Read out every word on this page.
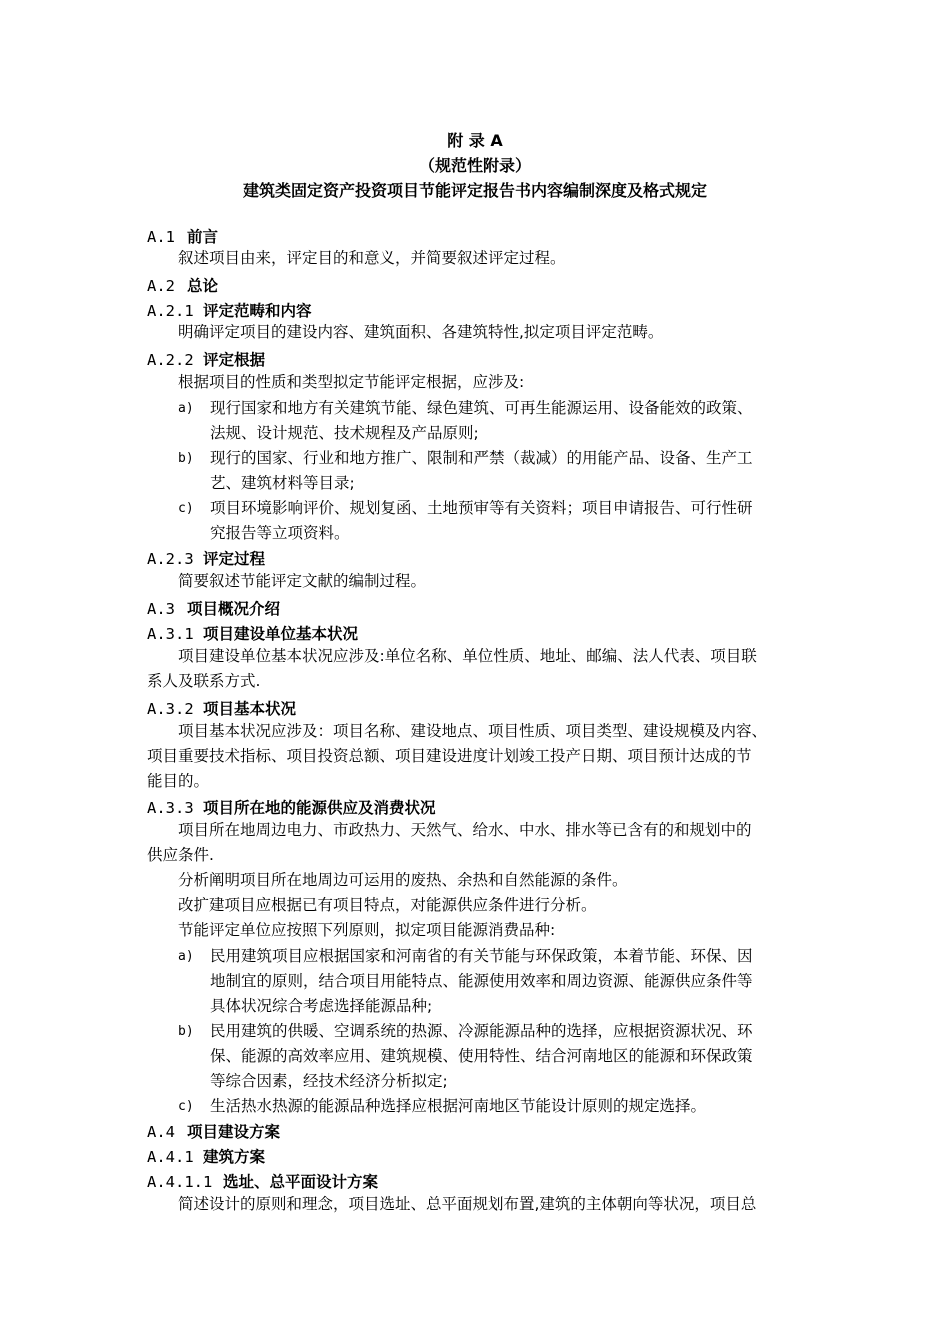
附 录 A
（规范性附录）
建筑类固定资产投资项目节能评定报告书内容编制深度及格式规定
A.1 前言
叙述项目由来，评定目的和意义，并简要叙述评定过程。
A.2 总论
A.2.1 评定范畴和内容
明确评定项目的建设内容、建筑面积、各建筑特性,拟定项目评定范畴。
A.2.2 评定根据
根据项目的性质和类型拟定节能评定根据，应涉及:
a) 现行国家和地方有关建筑节能、绿色建筑、可再生能源运用、设备能效的政策、
法规、设计规范、技术规程及产品原则;
b) 现行的国家、行业和地方推广、限制和严禁（裁减）的用能产品、设备、生产工
艺、建筑材料等目录;
c) 项目环境影响评价、规划复函、土地预审等有关资料；项目申请报告、可行性研
究报告等立项资料。
A.2.3 评定过程
简要叙述节能评定文献的编制过程。
A.3 项目概况介绍
A.3.1 项目建设单位基本状况
项目建设单位基本状况应涉及:单位名称、单位性质、地址、邮编、法人代表、项目联
系人及联系方式.
A.3.2 项目基本状况
项目基本状况应涉及：项目名称、建设地点、项目性质、项目类型、建设规模及内容、
项目重要技术指标、项目投资总额、项目建设进度计划竣工投产日期、项目预计达成的节
能目的。
A.3.3 项目所在地的能源供应及消费状况
项目所在地周边电力、市政热力、天然气、给水、中水、排水等已含有的和规划中的
供应条件.
分析阐明项目所在地周边可运用的废热、余热和自然能源的条件。
改扩建项目应根据已有项目特点，对能源供应条件进行分析。
节能评定单位应按照下列原则，拟定项目能源消费品种:
a) 民用建筑项目应根据国家和河南省的有关节能与环保政策，本着节能、环保、因
地制宜的原则，结合项目用能特点、能源使用效率和周边资源、能源供应条件等
具体状况综合考虑选择能源品种;
b) 民用建筑的供暖、空调系统的热源、冷源能源品种的选择，应根据资源状况、环
保、能源的高效率应用、建筑规模、使用特性、结合河南地区的能源和环保政策
等综合因素，经技术经济分析拟定;
c) 生活热水热源的能源品种选择应根据河南地区节能设计原则的规定选择。
A.4 项目建设方案
A.4.1 建筑方案
A.4.1.1 选址、总平面设计方案
简述设计的原则和理念，项目选址、总平面规划布置,建筑的主体朝向等状况，项目总
